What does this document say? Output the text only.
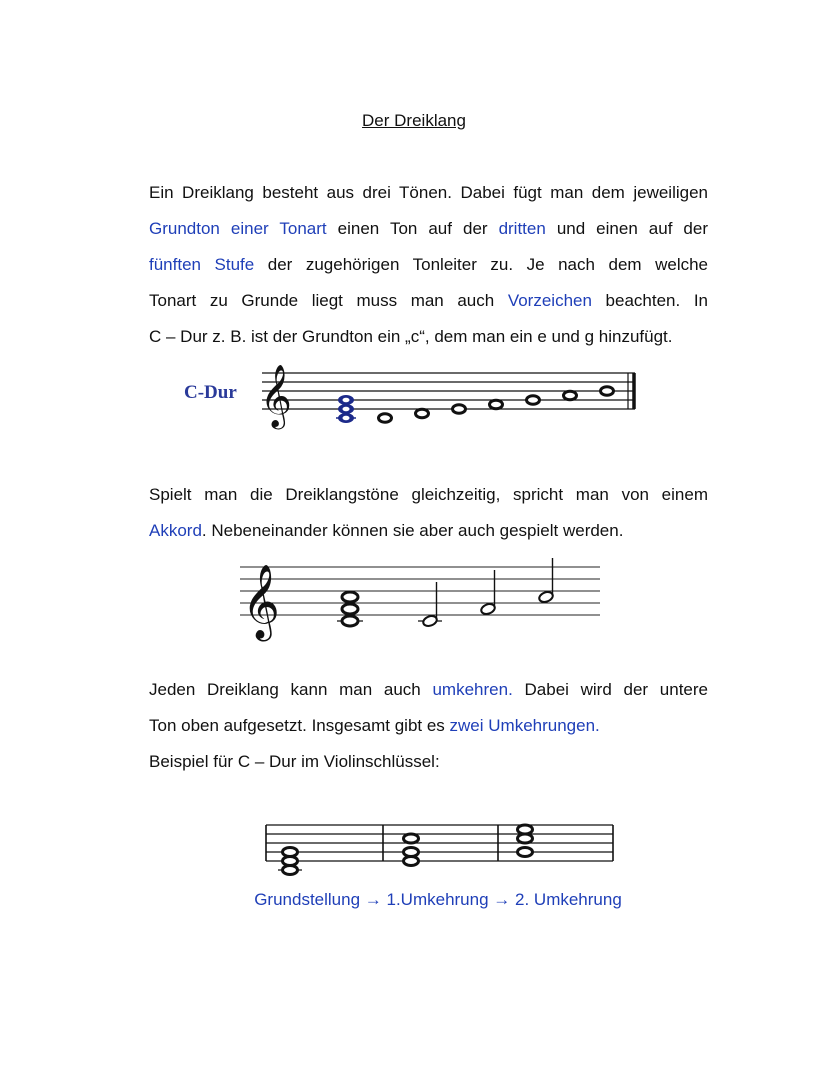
Der Dreiklang
Ein Dreiklang besteht aus drei Tönen. Dabei fügt man dem jeweiligen
Grundton einer Tonart einen Ton auf der dritten und einen auf der
fünften Stufe der zugehörigen Tonleiter zu. Je nach dem welche
Tonart zu Grunde liegt muss man auch Vorzeichen beachten. In
C – Dur z. B. ist der Grundton ein „c“, dem man ein e und g hinzufügt.
C-Dur 𝄞
Spielt man die Dreiklangstöne gleichzeitig, spricht man von einem
Akkord. Nebeneinander können sie aber auch gespielt werden.
𝄞
Jeden Dreiklang kann man auch umkehren. Dabei wird der untere
Ton oben aufgesetzt. Insgesamt gibt es zwei Umkehrungen.
Beispiel für C – Dur im Violinschlüssel:
Grundstellung → 1.Umkehrung → 2. Umkehrung
